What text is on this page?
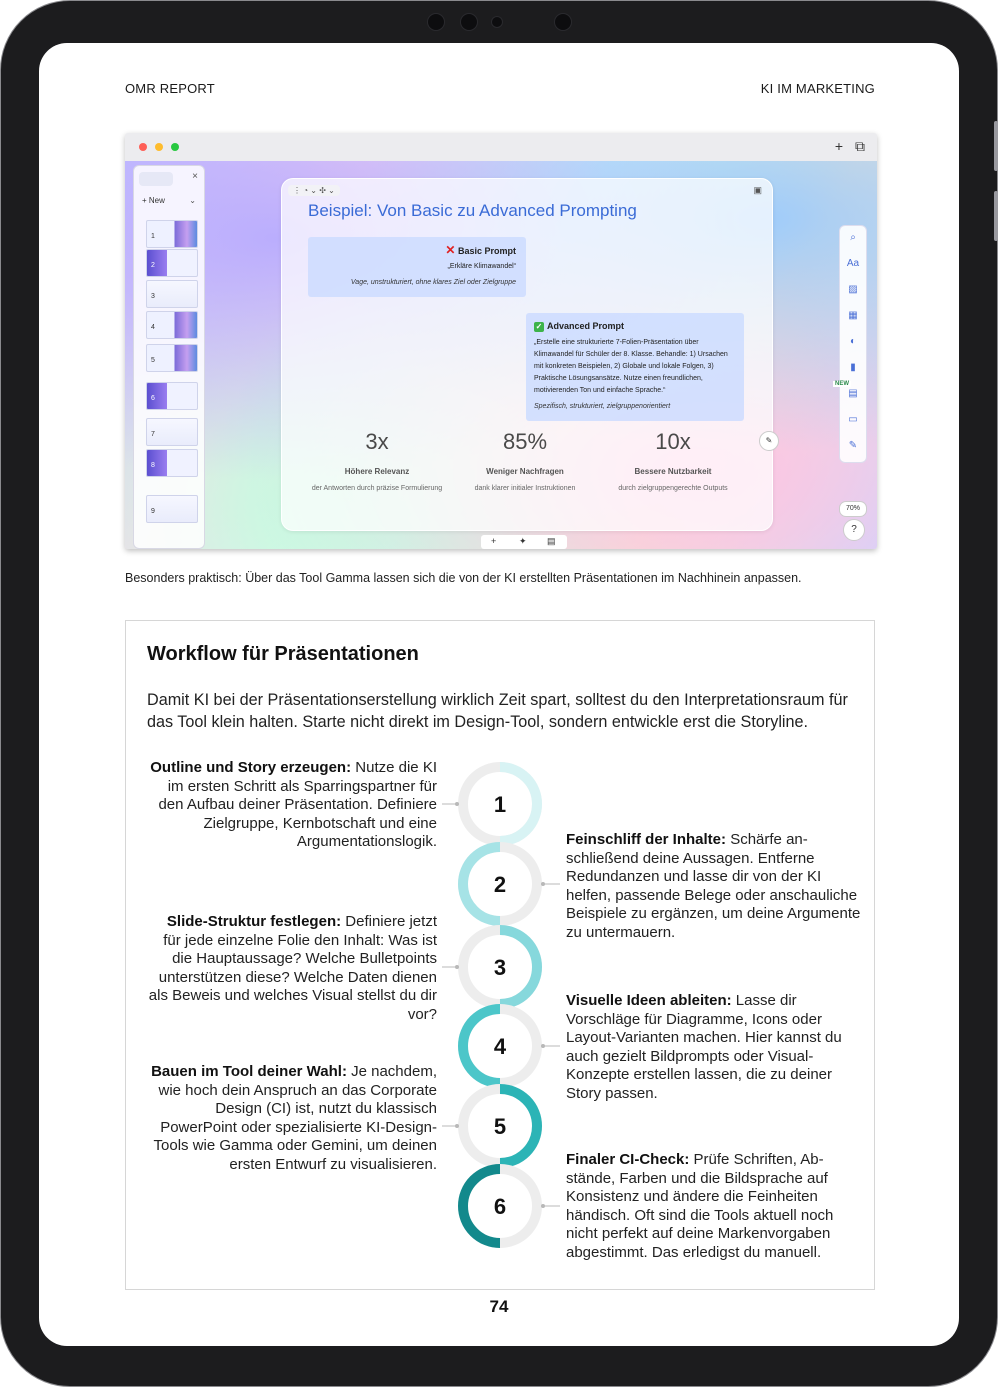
OMR REPORT	KI IM MARKETING
+ ⧉
×
+ New	⌄
1
2
3
4
5
6
7
8
9
⋮ ◔ ⌄ ✣ ⌄	▣
Beispiel: Von Basic zu Advanced Prompting
✕ Basic Prompt
„Erkläre Klimawandel“
Vage, unstrukturiert, ohne klares Ziel oder Zielgruppe
✓ Advanced Prompt
„Erstelle eine strukturierte 7-Folien-Präsentation über Klimawandel für Schüler der 8. Klasse. Behandle: 1) Ursachen mit konkreten Beispielen, 2) Globale und lokale Folgen, 3) Praktische Lösungsansätze. Nutze einen freundlichen, motivierenden Ton und einfache Sprache.“
Spezifisch, strukturiert, zielgruppenorientiert
3x
Höhere Relevanz
der Antworten durch präzise Formulierung
85%
Weniger Nachfragen
dank klarer initialer Instruktionen
10x
Bessere Nutzbarkeit
durch zielgruppengerechte Outputs
+	✦ ▤
⌕
Aa
▨
▦
◐
▮
▤
▭
✎
NEW
✎
70%
?
Besonders praktisch: Über das Tool Gamma lassen sich die von der KI erstellten Präsentationen im Nachhinein anpassen.
Workflow für Präsentationen
Damit KI bei der Präsentationserstellung wirklich Zeit spart, solltest du den Interpretationsraum für das Tool klein halten. Starte nicht direkt im Design-Tool, sondern entwickle erst die Storyline.
1
2
3
4
5
6
Outline und Story erzeugen: Nutze die KI im ersten Schritt als Sparringspartner für den Aufbau deiner Präsentation. Definiere Zielgruppe, Kernbotschaft und eine Argumentationslogik.	Feinschliff der Inhalte: Schärfe anschließend deine Aussagen. Entferne Redundanzen und lasse dir von der KI helfen, passende Belege oder anschauliche Beispiele zu ergänzen, um deine Argumente zu untermauern.
Slide-Struktur festlegen: Definiere jetzt für jede einzelne Folie den Inhalt: Was ist die Hauptaussage? Welche Bulletpoints unterstützen diese? Welche Daten dienen als Beweis und welches Visual stellst du dir vor?
Visuelle Ideen ableiten: Lasse dir Vorschläge für Diagramme, Icons oder Layout-Varianten machen. Hier kannst du auch gezielt Bildprompts oder Visual-Konzepte erstellen lassen, die zu deiner Story passen.
Bauen im Tool deiner Wahl: Je nachdem, wie hoch dein Anspruch an das Corporate Design (CI) ist, nutzt du klassisch PowerPoint oder spezialisierte KI-Design-Tools wie Gamma oder Gemini, um deinen ersten Entwurf zu visualisieren.	Finaler CI-Check: Prüfe Schriften, Abstände, Farben und die Bildsprache auf Konsistenz und ändere die Feinheiten händisch. Oft sind die Tools aktuell noch nicht perfekt auf deine Markenvorgaben abgestimmt. Das erledigst du manuell.
74
